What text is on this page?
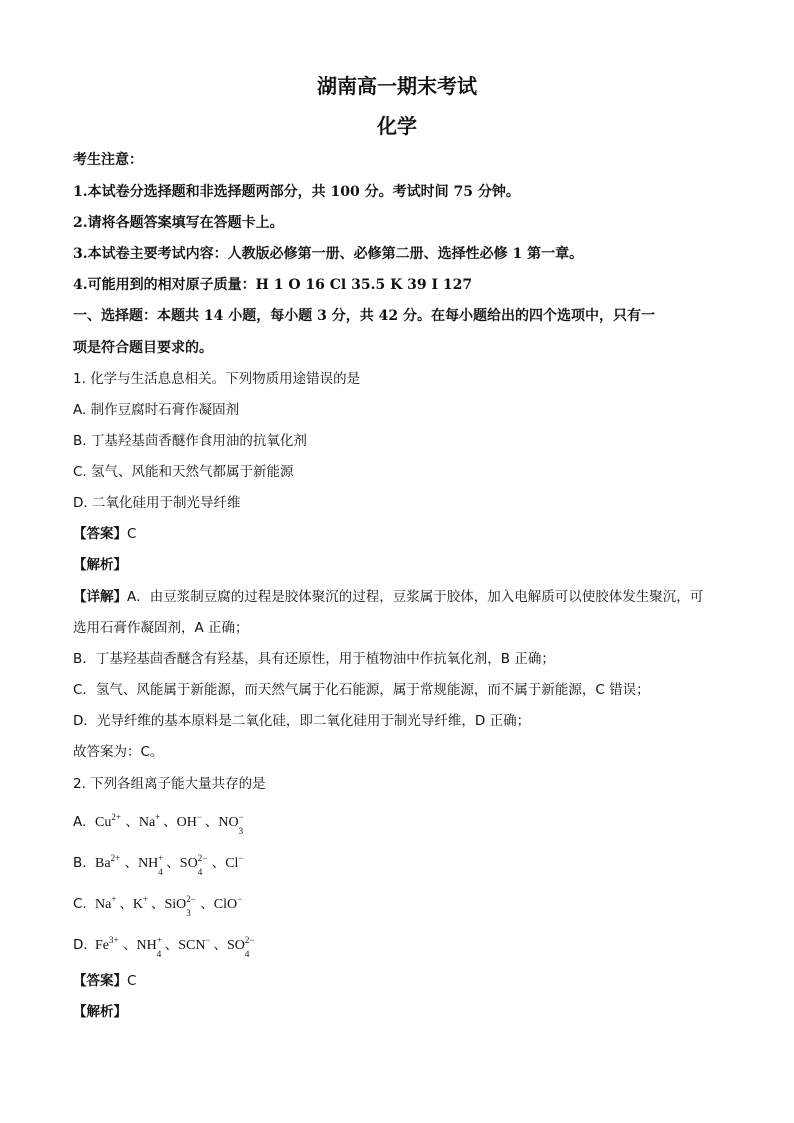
湖南高一期末考试
化学
考生注意：
1.本试卷分选择题和非选择题两部分，共 100 分。考试时间 75 分钟。
2.请将各题答案填写在答题卡上。
3.本试卷主要考试内容：人教版必修第一册、必修第二册、选择性必修 1 第一章。
4.可能用到的相对原子质量：H 1 O 16 Cl 35.5 K 39 I 127
一、选择题：本题共 14 小题，每小题 3 分，共 42 分。在每小题给出的四个选项中，只有一
项是符合题目要求的。
1. 化学与生活息息相关。下列物质用途错误的是
A. 制作豆腐时石膏作凝固剂
B. 丁基羟基茴香醚作食用油的抗氧化剂
C. 氢气、风能和天然气都属于新能源
D. 二氧化硅用于制光导纤维
【答案】C
【解析】
【详解】A．由豆浆制豆腐的过程是胶体聚沉的过程，豆浆属于胶体，加入电解质可以使胶体发生聚沉，可
选用石膏作凝固剂，A 正确；
B．丁基羟基茴香醚含有羟基，具有还原性，用于植物油中作抗氧化剂，B 正确；
C．氢气、风能属于新能源，而天然气属于化石能源，属于常规能源，而不属于新能源，C 错误；
D．光导纤维的基本原料是二氧化硅，即二氧化硅用于制光导纤维，D 正确；
故答案为：C。
2. 下列各组离子能大量共存的是
A. Cu 2+ 、Na + 、OH − 、NO −
3
B. Ba 2+ 、NH +
4
、SO 2−
4
、Cl −
C. Na + 、K + 、SiO 2−
3
、ClO −
D. Fe 3+ 、NH +
4
、SCN − 、SO 2−
4
【答案】C
【解析】
